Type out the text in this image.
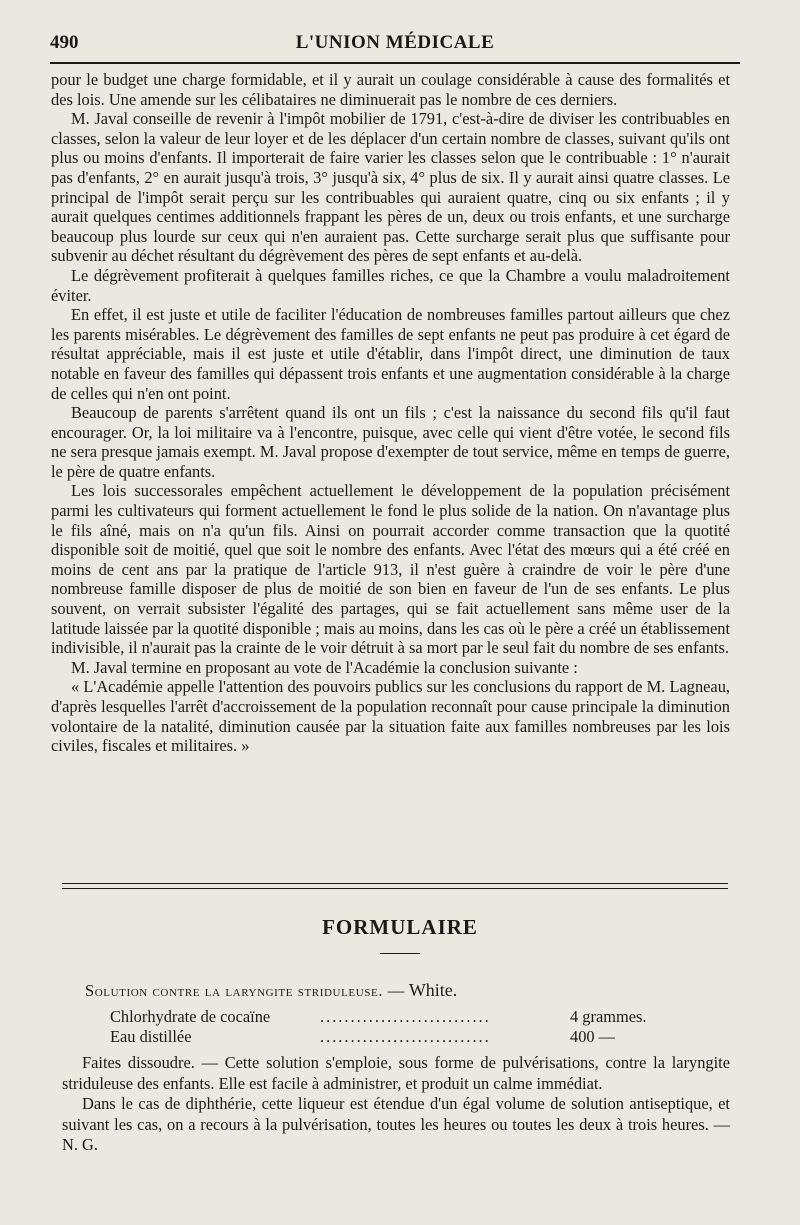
490	L'UNION MÉDICALE

pour le budget une charge formidable, et il y aurait un coulage considérable à cause des formalités et des lois. Une amende sur les célibataires ne diminuerait pas le nombre de ces derniers.

M. Javal conseille de revenir à l'impôt mobilier de 1791, c'est-à-dire de diviser les contribuables en classes, selon la valeur de leur loyer et de les déplacer d'un certain nombre de classes, suivant qu'ils ont plus ou moins d'enfants. Il importerait de faire varier les classes selon que le contribuable : 1° n'aurait pas d'enfants, 2° en aurait jusqu'à trois, 3° jusqu'à six, 4° plus de six. Il y aurait ainsi quatre classes. Le principal de l'impôt serait perçu sur les contribuables qui auraient quatre, cinq ou six enfants ; il y aurait quelques centimes additionnels frappant les pères de un, deux ou trois enfants, et une surcharge beaucoup plus lourde sur ceux qui n'en auraient pas. Cette surcharge serait plus que suffisante pour subvenir au déchet résultant du dégrèvement des pères de sept enfants et au-delà.

Le dégrèvement profiterait à quelques familles riches, ce que la Chambre a voulu maladroitement éviter.

En effet, il est juste et utile de faciliter l'éducation de nombreuses familles partout ailleurs que chez les parents misérables. Le dégrèvement des familles de sept enfants ne peut pas produire à cet égard de résultat appréciable, mais il est juste et utile d'établir, dans l'impôt direct, une diminution de taux notable en faveur des familles qui dépassent trois enfants et une augmentation considérable à la charge de celles qui n'en ont point.

Beaucoup de parents s'arrêtent quand ils ont un fils ; c'est la naissance du second fils qu'il faut encourager. Or, la loi militaire va à l'encontre, puisque, avec celle qui vient d'être votée, le second fils ne sera presque jamais exempt. M. Javal propose d'exempter de tout service, même en temps de guerre, le père de quatre enfants.

Les lois successorales empêchent actuellement le développement de la population précisément parmi les cultivateurs qui forment actuellement le fond le plus solide de la nation. On n'avantage plus le fils aîné, mais on n'a qu'un fils. Ainsi on pourrait accorder comme transaction que la quotité disponible soit de moitié, quel que soit le nombre des enfants. Avec l'état des mœurs qui a été créé en moins de cent ans par la pratique de l'article 913, il n'est guère à craindre de voir le père d'une nombreuse famille disposer de plus de moitié de son bien en faveur de l'un de ses enfants. Le plus souvent, on verrait subsister l'égalité des partages, qui se fait actuellement sans même user de la latitude laissée par la quotité disponible ; mais au moins, dans les cas où le père a créé un établissement indivisible, il n'aurait pas la crainte de le voir détruit à sa mort par le seul fait du nombre de ses enfants.

M. Javal termine en proposant au vote de l'Académie la conclusion suivante :

« L'Académie appelle l'attention des pouvoirs publics sur les conclusions du rapport de M. Lagneau, d'après lesquelles l'arrêt d'accroissement de la population reconnaît pour cause principale la diminution volontaire de la natalité, diminution causée par la situation faite aux familles nombreuses par les lois civiles, fiscales et militaires. »

FORMULAIRE
Solution contre la laryngite striduleuse. — White.
Chlorhydrate de cocaïne	............................	4 grammes.
Eau distillée	............................	400 —

Faites dissoudre. — Cette solution s'emploie, sous forme de pulvérisations, contre la laryngite striduleuse des enfants. Elle est facile à administrer, et produit un calme immédiat.

Dans le cas de diphthérie, cette liqueur est étendue d'un égal volume de solution antiseptique, et suivant les cas, on a recours à la pulvérisation, toutes les heures ou toutes les deux à trois heures. — N. G.
